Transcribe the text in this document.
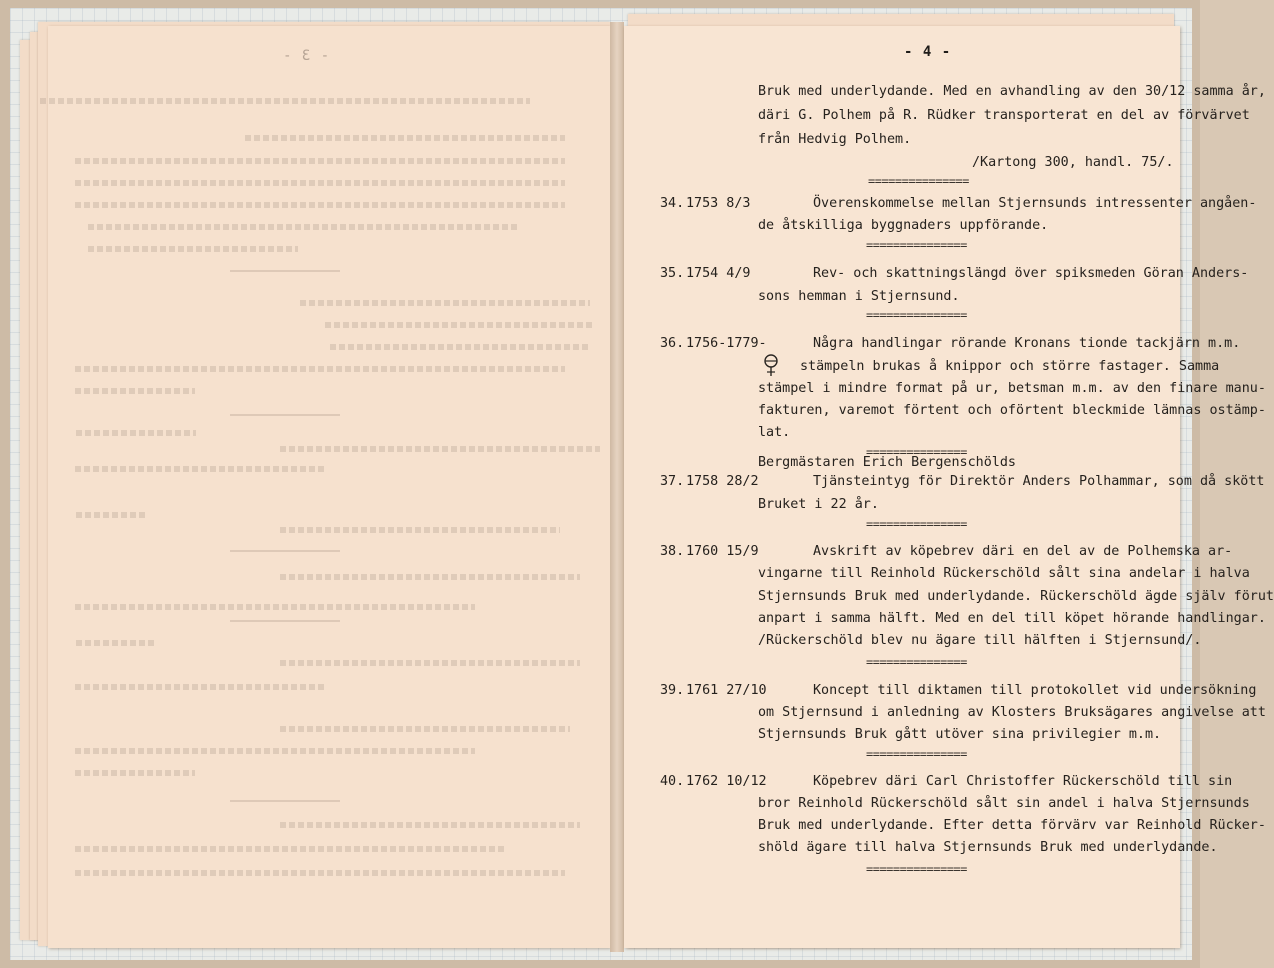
- 3 -	- 4 -
Bruk med underlydande. Med en avhandling av den 30/12 samma år,
däri G. Polhem på R. Rüdker transporterat en del av förvärvet
från Hedvig Polhem.
/Kartong 300, handl. 75/.
===============
34. 1753 8/3	Överenskommelse mellan Stjernsunds intressenter angåen-
de åtskilliga byggnaders uppförande.
===============
35. 1754 4/9	Rev- och skattningslängd över spiksmeden Göran Anders-
sons hemman i Stjernsund.
===============
36. 1756-1779-	Några handlingar rörande Kronans tionde tackjärn m.m.
stämpeln brukas å knippor och större fastager. Samma
stämpel i mindre format på ur, betsman m.m. av den finare manu-
fakturen, varemot förtent och oförtent bleckmide lämnas ostämp-
lat.
===============
Bergmästaren Erich Bergenschölds
37. 1758 28/2	Tjänsteintyg för Direktör Anders Polhammar, som då skött
Bruket i 22 år.
===============
38. 1760 15/9	Avskrift av köpebrev däri en del av de Polhemska ar-
vingarne till Reinhold Rückerschöld sålt sina andelar i halva
Stjernsunds Bruk med underlydande. Rückerschöld ägde själv förut
anpart i samma hälft. Med en del till köpet hörande handlingar.
/Rückerschöld blev nu ägare till hälften i Stjernsund/.
===============
39. 1761 27/10	Koncept till diktamen till protokollet vid undersökning
om Stjernsund i anledning av Klosters Bruksägares angivelse att
Stjernsunds Bruk gått utöver sina privilegier m.m.
===============
40. 1762 10/12	Köpebrev däri Carl Christoffer Rückerschöld till sin
bror Reinhold Rückerschöld sålt sin andel i halva Stjernsunds
Bruk med underlydande. Efter detta förvärv var Reinhold Rücker-
shöld ägare till halva Stjernsunds Bruk med underlydande.
===============
